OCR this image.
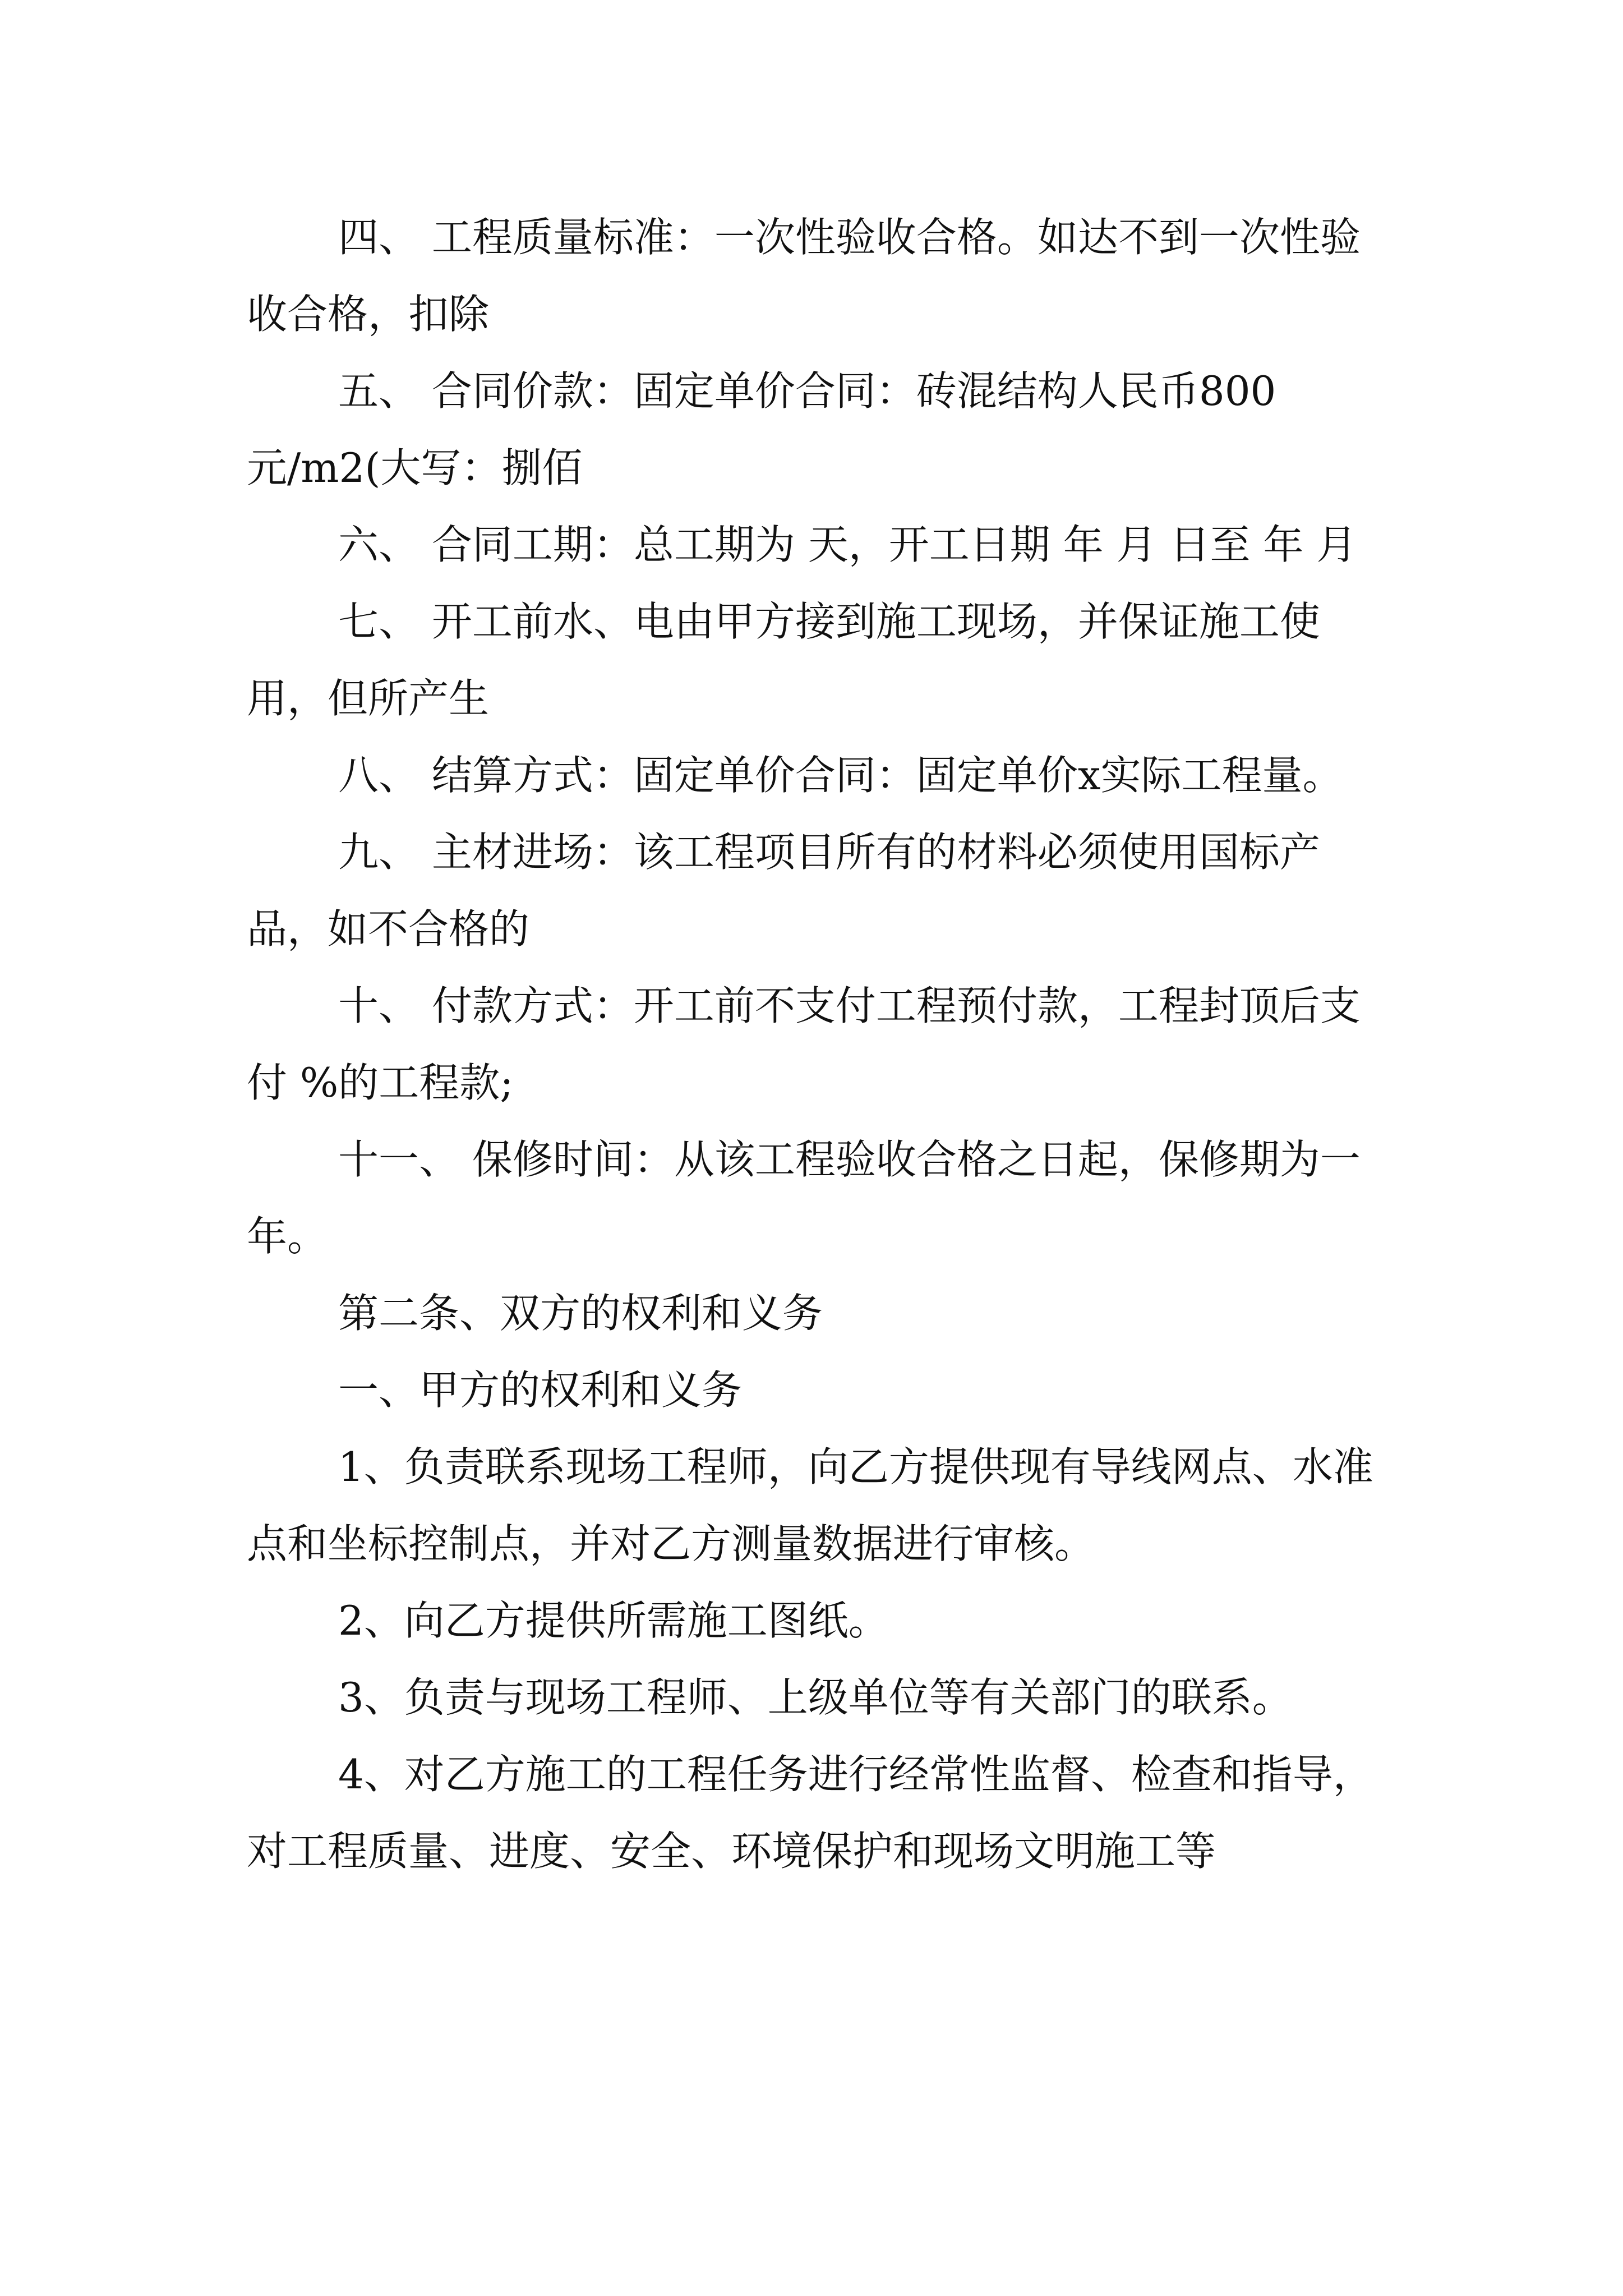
四、 工程质量标准：一次性验收合格。如达不到一次性验收合格，扣除

五、 合同价款：固定单价合同：砖混结构人民币800元/m2(大写：捌佰

六、 合同工期：总工期为 天，开工日期 年 月 日至 年 月

七、 开工前水、电由甲方接到施工现场，并保证施工使用，但所产生

八、 结算方式：固定单价合同：固定单价x实际工程量。

九、 主材进场：该工程项目所有的材料必须使用国标产品，如不合格的

十、 付款方式：开工前不支付工程预付款，工程封顶后支付 %的工程款;

十一、 保修时间：从该工程验收合格之日起，保修期为一年。

第二条、双方的权利和义务

一、甲方的权利和义务

1、负责联系现场工程师，向乙方提供现有导线网点、水准点和坐标控制点，并对乙方测量数据进行审核。

2、向乙方提供所需施工图纸。

3、负责与现场工程师、上级单位等有关部门的联系。

4、对乙方施工的工程任务进行经常性监督、检查和指导，对工程质量、进度、安全、环境保护和现场文明施工等
